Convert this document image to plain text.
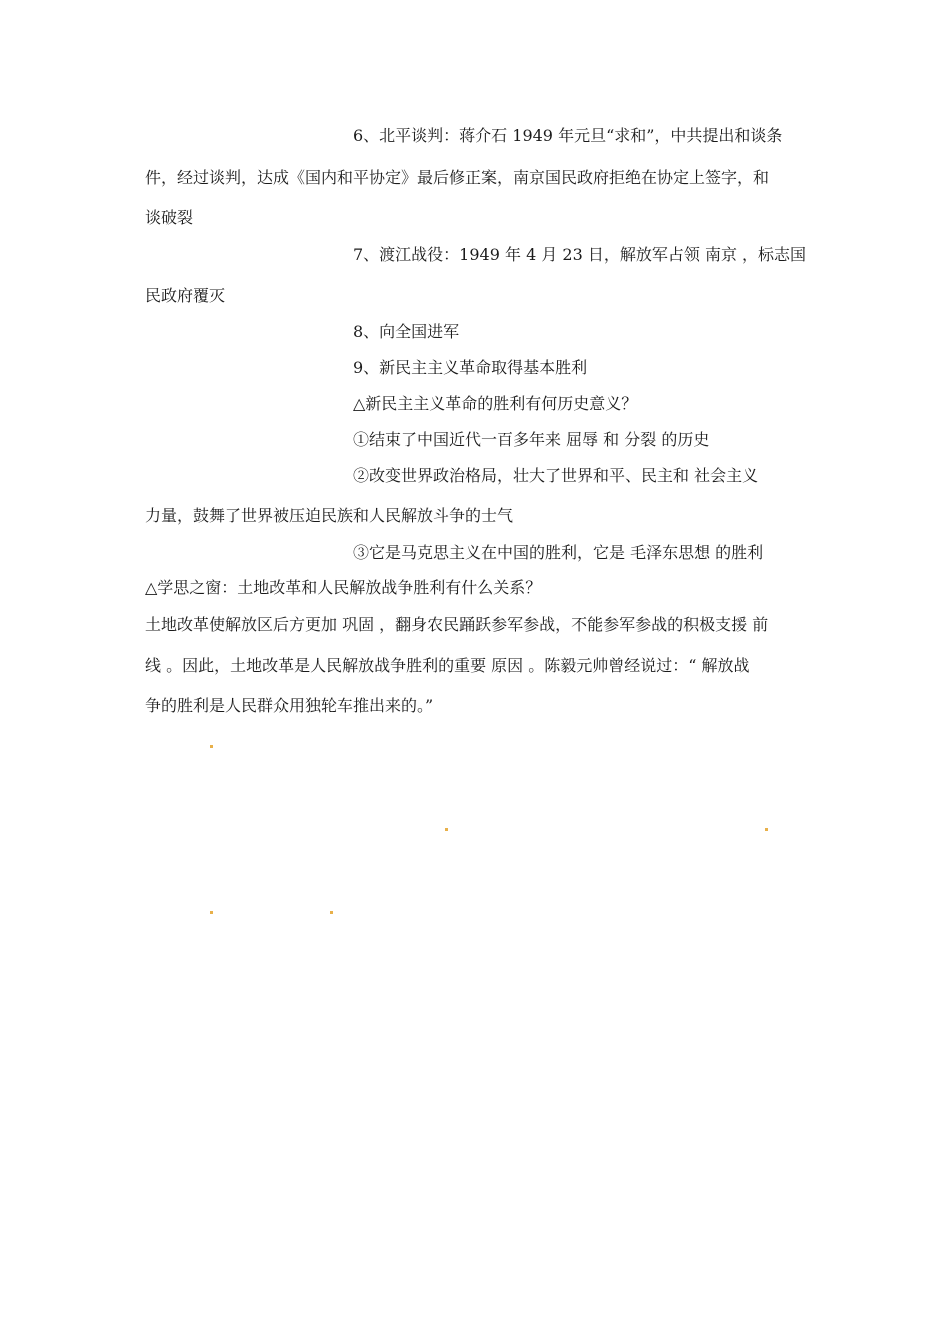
6、北平谈判：蒋介石 1949 年元旦“求和”，中共提出和谈条
件，经过谈判，达成《国内和平协定》最后修正案，南京国民政府拒绝在协定上签字，和
谈破裂
7、渡江战役：1949 年 4 月 23 日，解放军占领 南京 ，标志国
民政府覆灭
8、向全国进军
9、新民主主义革命取得基本胜利
△新民主主义革命的胜利有何历史意义？
①结束了中国近代一百多年来 屈辱 和 分裂 的历史
②改变世界政治格局，壮大了世界和平、民主和 社会主义
力量，鼓舞了世界被压迫民族和人民解放斗争的士气
③它是马克思主义在中国的胜利，它是 毛泽东思想 的胜利
△学思之窗：土地改革和人民解放战争胜利有什么关系？
土地改革使解放区后方更加 巩固 ，翻身农民踊跃参军参战，不能参军参战的积极支援 前
线 。因此，土地改革是人民解放战争胜利的重要 原因 。陈毅元帅曾经说过：“ 解放战
争的胜利是人民群众用独轮车推出来的。”
